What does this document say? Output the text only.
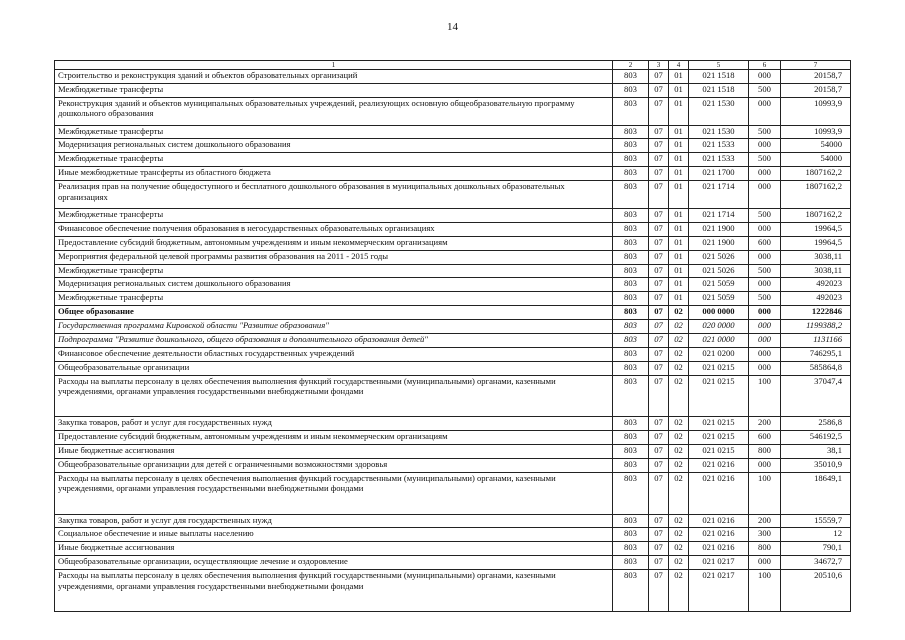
14
1	2	3	4	5	6	7
Строительство и реконструкция зданий и объектов образовательных организаций	803	07	01	021 1518	000	20158,7
Межбюджетные трансферты	803	07	01	021 1518	500	20158,7
Реконструкция зданий и объектов муниципальных образовательных учреждений, реализующих основную общеобразовательную программу дошкольного образования	803	07	01	021 1530	000	10993,9
Межбюджетные трансферты	803	07	01	021 1530	500	10993,9
Модернизация региональных систем дошкольного образования	803	07	01	021 1533	000	54000
Межбюджетные трансферты	803	07	01	021 1533	500	54000
Иные межбюджетные трансферты из областного бюджета	803	07	01	021 1700	000	1807162,2
Реализация прав на получение общедоступного и бесплатного дошкольного образования в муниципальных дошкольных образовательных организациях	803	07	01	021 1714	000	1807162,2
Межбюджетные трансферты	803	07	01	021 1714	500	1807162,2
Финансовое обеспечение получения образования в негосударственных образовательных организациях	803	07	01	021 1900	000	19964,5
Предоставление субсидий бюджетным, автономным учреждениям и иным некоммерческим организациям	803	07	01	021 1900	600	19964,5
Мероприятия федеральной целевой программы развития образования на 2011 - 2015 годы	803	07	01	021 5026	000	3038,11
Межбюджетные трансферты	803	07	01	021 5026	500	3038,11
Модернизация региональных систем дошкольного образования	803	07	01	021 5059	000	492023
Межбюджетные трансферты	803	07	01	021 5059	500	492023
Общее образование	803	07	02	000 0000	000	1222846
Государственная программа Кировской области "Развитие образования"	803	07	02	020 0000	000	1199388,2
Подпрограмма "Развитие дошкольного, общего образования и дополнительного образования детей"	803	07	02	021 0000	000	1131166
Финансовое обеспечение деятельности областных государственных учреждений	803	07	02	021 0200	000	746295,1
Общеобразовательные организации	803	07	02	021 0215	000	585864,8
Расходы на выплаты персоналу в целях обеспечения выполнения функций государственными (муниципальными) органами, казенными учреждениями, органами управления государственными внебюджетными фондами	803	07	02	021 0215	100	37047,4
Закупка товаров, работ и услуг для государственных нужд	803	07	02	021 0215	200	2586,8
Предоставление субсидий бюджетным, автономным учреждениям и иным некоммерческим организациям	803	07	02	021 0215	600	546192,5
Иные бюджетные ассигнования	803	07	02	021 0215	800	38,1
Общеобразовательные организации для детей с ограниченными возможностями здоровья	803	07	02	021 0216	000	35010,9
Расходы на выплаты персоналу в целях обеспечения выполнения функций государственными (муниципальными) органами, казенными учреждениями, органами управления государственными внебюджетными фондами	803	07	02	021 0216	100	18649,1
Закупка товаров, работ и услуг для государственных нужд	803	07	02	021 0216	200	15559,7
Социальное обеспечение и иные выплаты населению	803	07	02	021 0216	300	12
Иные бюджетные ассигнования	803	07	02	021 0216	800	790,1
Общеобразовательные организации, осуществляющие лечение и оздоровление	803	07	02	021 0217	000	34672,7
Расходы на выплаты персоналу в целях обеспечения выполнения функций государственными (муниципальными) органами, казенными учреждениями, органами управления государственными внебюджетными фондами	803	07	02	021 0217	100	20510,6
